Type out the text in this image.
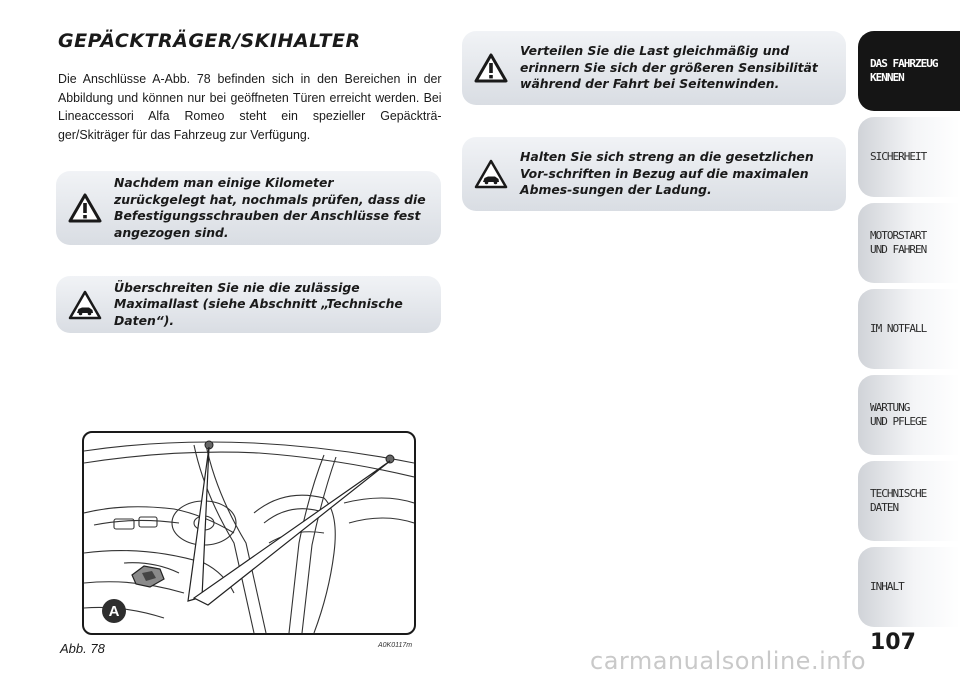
GEPÄCKTRÄGER/SKIHALTER

Die Anschlüsse A-Abb. 78 befinden sich in den Bereichen in der Abbildung und können nur bei geöffneten Türen erreicht werden. Bei Lineaccessori Alfa Romeo steht ein spezieller Gepäckträ-ger/Skiträger für das Fahrzeug zur Verfügung.

Nachdem man einige Kilometer zurückgelegt hat, nochmals prüfen, dass die Befestigungsschrauben der Anschlüsse fest angezogen sind.

Überschreiten Sie nie die zulässige Maximallast (siehe Abschnitt „Technische Daten“).

Verteilen Sie die Last gleichmäßig und erinnern Sie sich der größeren Sensibilität während der Fahrt bei Seitenwinden.

Halten Sie sich streng an die gesetzlichen Vor-schriften in Bezug auf die maximalen Abmes-sungen der Ladung.

A
Abb. 78	A0K0117m
DAS FAHRZEUG
KENNEN
SICHERHEIT
MOTORSTART
UND FAHREN
IM NOTFALL
WARTUNG
UND PFLEGE
TECHNISCHE
DATEN
INHALT
107
carmanualsonline.info
